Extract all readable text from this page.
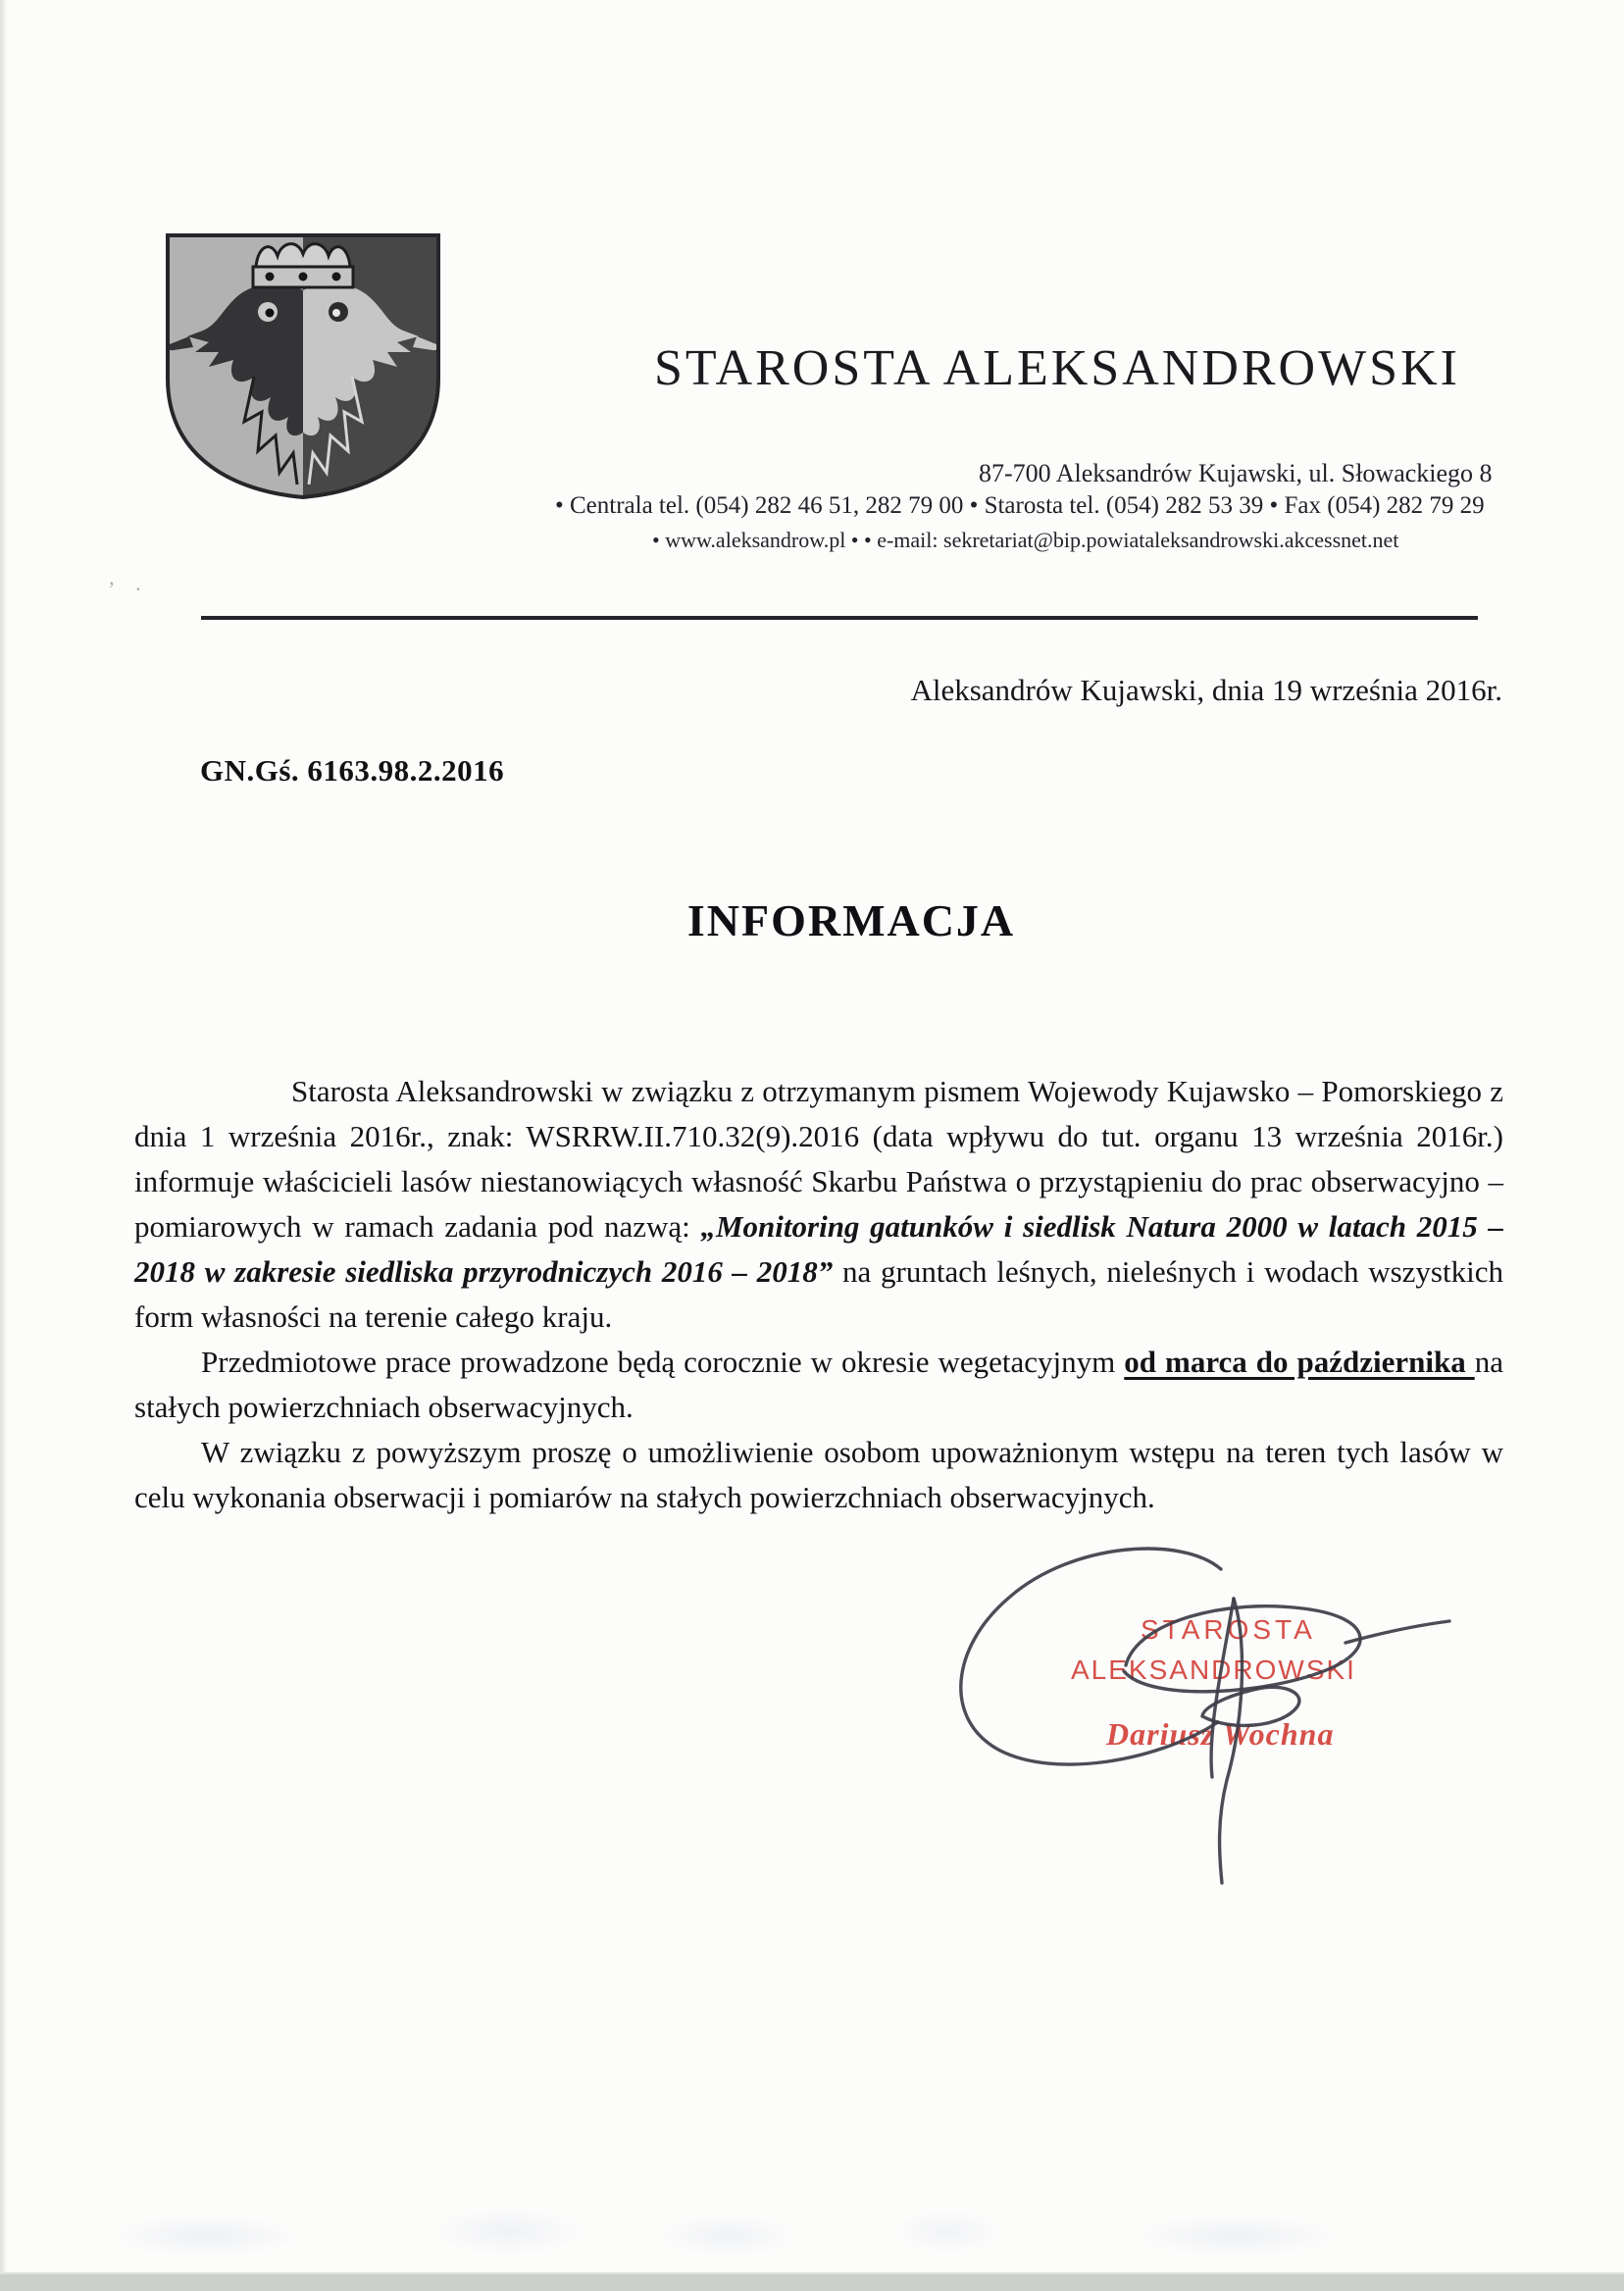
STAROSTA ALEKSANDROWSKI
87-700 Aleksandrów Kujawski, ul. Słowackiego 8
• Centrala tel. (054) 282 46 51, 282 79 00 • Starosta tel. (054) 282 53 39 • Fax (054) 282 79 29
• www.aleksandrow.pl • • e-mail: sekretariat@bip.powiataleksandrowski.akcessnet.net
’ ·
Aleksandrów Kujawski, dnia 19 września 2016r.
GN.Gś. 6163.98.2.2016
INFORMACJA

Starosta Aleksandrowski w związku z otrzymanym pismem Wojewody Kujawsko – Pomorskiego z dnia 1 września 2016r., znak: WSRRW.II.710.32(9).2016 (data wpływu do tut. organu 13 września 2016r.) informuje właścicieli lasów niestanowiących własność Skarbu Państwa o przystąpieniu do prac obserwacyjno – pomiarowych w ramach zadania pod nazwą: „Monitoring gatunków i siedlisk Natura 2000 w latach 2015 – 2018 w zakresie siedliska przyrodniczych 2016 – 2018” na gruntach leśnych, nieleśnych i wodach wszystkich form własności na terenie całego kraju.

Przedmiotowe prace prowadzone będą corocznie w okresie wegetacyjnym od marca do października na stałych powierzchniach obserwacyjnych.

W związku z powyższym proszę o umożliwienie osobom upoważnionym wstępu na teren tych lasów w celu wykonania obserwacji i pomiarów na stałych powierzchniach obserwacyjnych.

STAROSTA
ALEKSANDROWSKI
Dariusz Wochna
